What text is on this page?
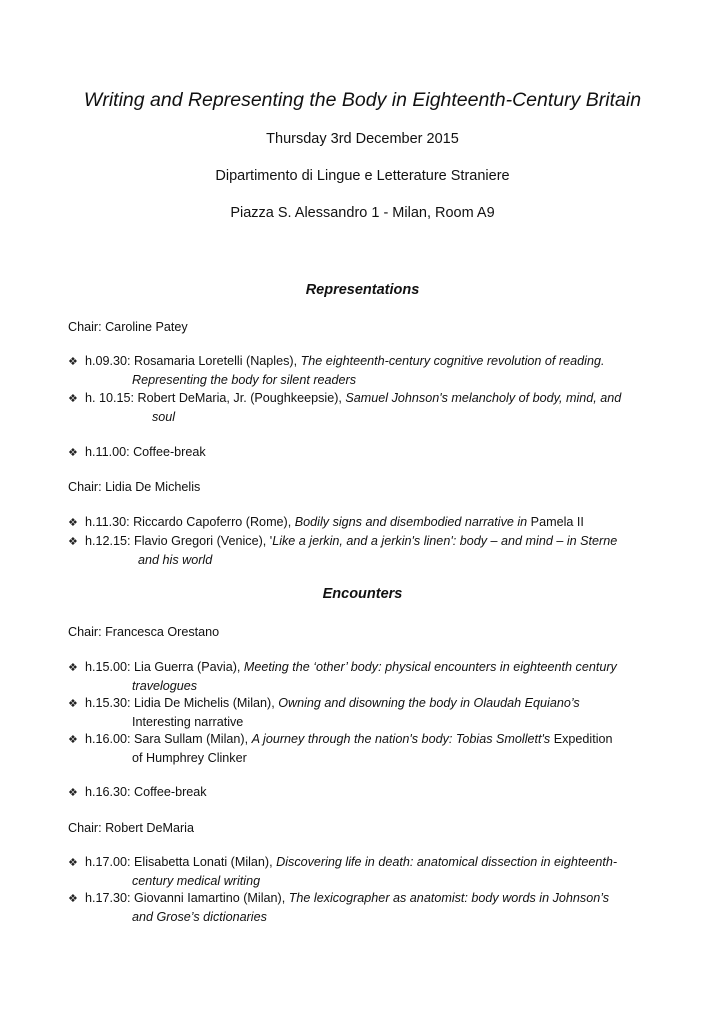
Writing and Representing the Body in Eighteenth-Century Britain
Thursday 3rd December 2015
Dipartimento di Lingue e Letterature Straniere
Piazza S. Alessandro 1 - Milan, Room A9
Representations
Chair: Caroline Patey
❖ h.09.30: Rosamaria Loretelli (Naples), The eighteenth-century cognitive revolution of reading.
Representing the body for silent readers
❖ h. 10.15: Robert DeMaria, Jr. (Poughkeepsie), Samuel Johnson's melancholy of body, mind, and
soul
❖ h.11.00: Coffee-break
Chair: Lidia De Michelis
❖ h.11.30: Riccardo Capoferro (Rome), Bodily signs and disembodied narrative in Pamela II
❖ h.12.15: Flavio Gregori (Venice), 'Like a jerkin, and a jerkin's linen': body – and mind – in Sterne
and his world
Encounters
Chair: Francesca Orestano
❖ h.15.00: Lia Guerra (Pavia), Meeting the ‘other’ body: physical encounters in eighteenth century
travelogues
❖ h.15.30: Lidia De Michelis (Milan), Owning and disowning the body in Olaudah Equiano’s
Interesting narrative
❖ h.16.00: Sara Sullam (Milan), A journey through the nation's body: Tobias Smollett's Expedition
of Humphrey Clinker
❖ h.16.30: Coffee-break
Chair: Robert DeMaria
❖ h.17.00: Elisabetta Lonati (Milan), Discovering life in death: anatomical dissection in eighteenth-
century medical writing
❖ h.17.30: Giovanni Iamartino (Milan), The lexicographer as anatomist: body words in Johnson’s
and Grose’s dictionaries
